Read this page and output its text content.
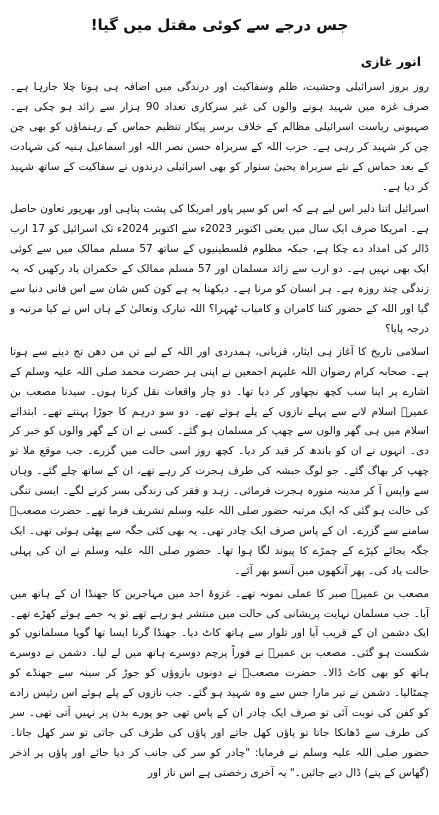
جس درجے سے کوئی مقتل میں گیا!
انور غازی

روز بروز اسرائیلی وحشیت، ظلم وسفاکیت اور درندگی میں اضافہ ہی ہوتا چلا جارہا ہے۔ صرف غزہ میں شہید ہونے والوں کی غیر سرکاری تعداد 90 ہزار سے زائد ہو چکی ہے۔ صہیونی ریاست اسرائیلی مظالم کے خلاف برسر پیکار تنظیم حماس کے رہنماؤں کو بھی چن چن کر شہید کر رہی ہے۔ حزب اللہ کے سربراہ حسن نصر اللہ اور اسماعیل ہنیہ کی شہادت کے بعد حماس کے نئے سربراہ یحییٰ سنوار کو بھی اسرائیلی درندوں نے سفاکیت کے ساتھ شہید کر دیا ہے۔

اسرائیل اتنا دلیر اس لیے ہے کہ اس کو سپر پاور امریکا کی پشت پناہی اور بھرپور تعاون حاصل ہے۔ امریکا صرف ایک سال میں یعنی اکتوبر 2023ء سے اکتوبر 2024ء تک اسرائیل کو 17 ارب ڈالر کی امداد دے چکا ہے، جبکہ مظلوم فلسطینیوں کے ساتھ 57 مسلم ممالک میں سے کوئی ایک بھی نہیں ہے۔ دو ارب سے زائد مسلمان اور 57 مسلم ممالک کے حکمران یاد رکھیں کہ یہ زندگی چند روزہ ہے۔ ہر انسان کو مرنا ہے۔ دیکھنا یہ ہے کون کس شان سے اس فانی دنیا سے گیا اور اللہ کے حضور کتنا کامران و کامیاب ٹھہرا؟ اللہ تبارک وتعالیٰ کے ہاں اس نے کیا مرتبہ و درجہ پایا؟

اسلامی تاریخ کا آغاز ہی ایثار، قربانی، ہمدردی اور اللہ کے لیے تن من دھن تج دینے سے ہوتا ہے۔ صحابہ کرام رضوان اللہ علیہم اجمعین نے اپنی ہر حضرت محمد صلی اللہ علیہ وسلم کے اشارے پر اپنا سب کچھ نچھاور کر دیا تھا۔ دو چار واقعات نقل کرتا ہوں۔ سیدنا مصعب بن عمیرؓ اسلام لانے سے پہلے نازوں کے پلے ہوئے تھے۔ دو سو درہم کا جوڑا پہنتے تھے۔ ابتدائے اسلام میں ہی گھر والوں سے چھپ کر مسلمان ہو گئے۔ کسی نے ان کے گھر والوں کو خبر کر دی۔ انہوں نے ان کو باندھ کر قید کر دیا۔ کچھ روز اسی حالت میں گزرے۔ جب موقع ملا تو چھپ کر بھاگ گئے۔ جو لوگ حبشہ کی طرف ہجرت کر رہے تھے، ان کے ساتھ چلے گئے۔ وہاں سے واپس آ کر مدینہ منورہ ہجرت فرمائی۔ زہد و فقر کی زندگی بسر کرنے لگے۔ ایسی تنگی کی حالت ہو گئی کہ ایک مرتبہ حضور صلی اللہ علیہ وسلم تشریف فرما تھے۔ حضرت مصعبؓ سامنے سے گزرے۔ ان کے پاس صرف ایک چادر تھی۔ یہ بھی کئی جگہ سے پھٹی ہوئی تھی۔ ایک جگہ بجائے کپڑے کے چمڑے کا پیوند لگا ہوا تھا۔ حضور صلی اللہ علیہ وسلم نے ان کی پہلی حالت یاد کی۔ پھر آنکھوں میں آنسو بھر آئے۔

مصعب بن عمیرؓ صبر کا عملی نمونہ تھے۔ غزوۂ احد میں مہاجرین کا جھنڈا ان کے ہاتھ میں آیا۔ جب مسلمان نہایت پریشانی کی حالت میں منتشر ہو رہے تھے تو یہ جمے ہوئے کھڑے تھے۔ ایک دشمن ان کے قریب آیا اور تلوار سے ہاتھ کاٹ دیا۔ جھنڈا گرنا ایسا تھا گویا مسلمانوں کو شکست ہو گئی۔ مصعب بن عمیرؓ نے فوراً پرچم دوسرے ہاتھ میں لے لیا۔ دشمن نے دوسرے ہاتھ کو بھی کاٹ ڈالا۔ حضرت مصعبؓ نے دونوں بازوؤں کو جوڑ کر سینہ سے جھنڈے کو چمٹالیا۔ دشمن نے تیر مارا جس سے وہ شہید ہو گئے۔ جب نازوں کے پلے ہوئے اس رئیس زادے کو کفن کی نوبت آئی تو صرف ایک چادر ان کے پاس تھی جو پورے بدن پر نہیں آتی تھی۔ سر کی طرف سے ڈھانکا جاتا تو پاؤں کھل جاتے اور پاؤں کی طرف کی جاتی تو سر کھل جاتا۔ حضور صلی اللہ علیہ وسلم نے فرمایا: "چادر کو سر کی جانب کر دیا جائے اور پاؤں پر اذخر (گھاس کے پتے) ڈال دیے جائیں۔" یہ آخری رخصتی ہے اس ناز اور
